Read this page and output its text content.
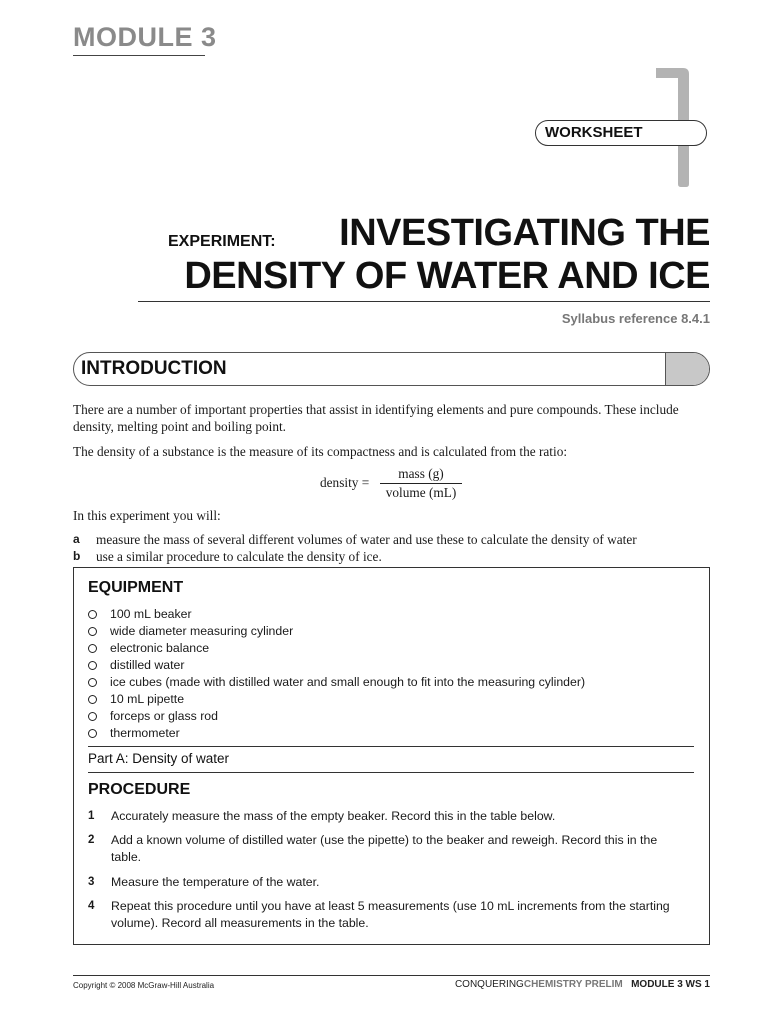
MODULE 3
WORKSHEET
EXPERIMENT:	INVESTIGATING THE
DENSITY OF WATER AND ICE
Syllabus reference 8.4.1
INTRODUCTION
There are a number of important properties that assist in identifying elements and pure compounds. These include density, melting point and boiling point.
The density of a substance is the measure of its compactness and is calculated from the ratio:
density =
mass (g)
volume (mL)
In this experiment you will:
a measure the mass of several different volumes of water and use these to calculate the density of water
b use a similar procedure to calculate the density of ice.
EQUIPMENT
100 mL beaker
wide diameter measuring cylinder
electronic balance
distilled water
ice cubes (made with distilled water and small enough to fit into the measuring cylinder)
10 mL pipette
forceps or glass rod
thermometer
Part A: Density of water
PROCEDURE
1 Accurately measure the mass of the empty beaker. Record this in the table below.
2 Add a known volume of distilled water (use the pipette) to the beaker and reweigh. Record this in the table.
3 Measure the temperature of the water.
4 Repeat this procedure until you have at least 5 measurements (use 10 mL increments from the starting volume). Record all measurements in the table.
Copyright © 2008 McGraw-Hill Australia	CONQUERINGCHEMISTRY PRELIM MODULE 3 WS 1
